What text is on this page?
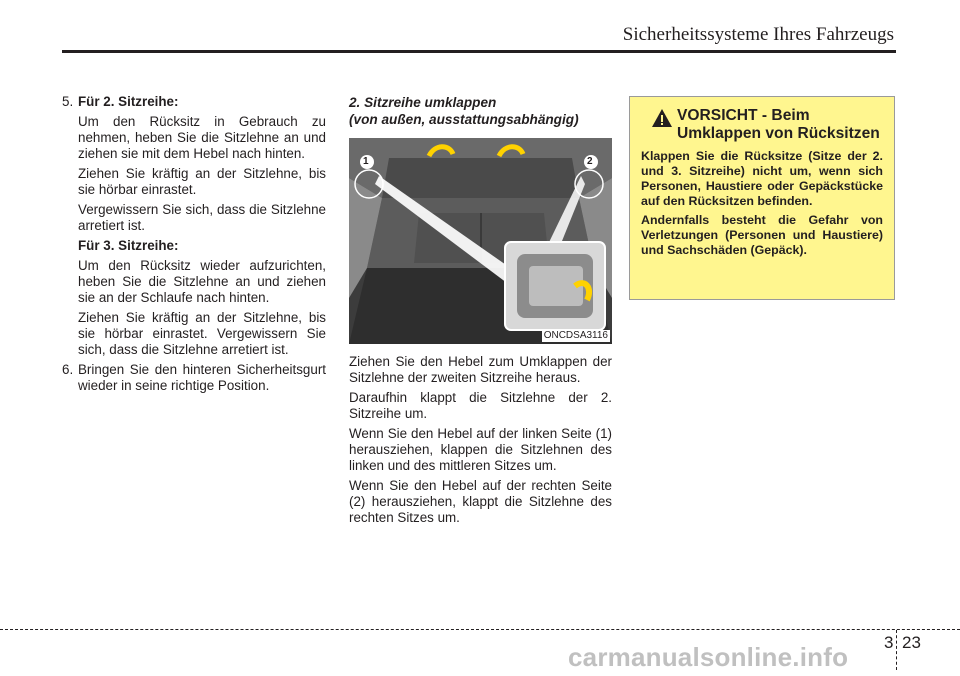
Sicherheitssysteme Ihres Fahrzeugs
5. Für 2. Sitzreihe:

Um den Rücksitz in Gebrauch zu nehmen, heben Sie die Sitzlehne an und ziehen sie mit dem Hebel nach hinten.

Ziehen Sie kräftig an der Sitzlehne, bis sie hörbar einrastet.

Vergewissern Sie sich, dass die Sitzlehne arretiert ist.

Für 3. Sitzreihe:

Um den Rücksitz wieder aufzurichten, heben Sie die Sitzlehne an und ziehen sie an der Schlaufe nach hinten.

Ziehen Sie kräftig an der Sitzlehne, bis sie hörbar einrastet. Vergewissern Sie sich, dass die Sitzlehne arretiert ist.

6. Bringen Sie den hinteren Sicherheitsgurt wieder in seine richtige Position.

2. Sitzreihe umklappen
(von außen, ausstattungsabhängig)
1	2
ONCDSA3116

Ziehen Sie den Hebel zum Umklappen der Sitzlehne der zweiten Sitzreihe heraus.

Daraufhin klappt die Sitzlehne der 2. Sitzreihe um.

Wenn Sie den Hebel auf der linken Seite (1) herausziehen, klappen die Sitzlehnen des linken und des mittleren Sitzes um.

Wenn Sie den Hebel auf der rechten Seite (2) herausziehen, klappt die Sitzlehne des rechten Sitzes um.

VORSICHT - Beim
Umklappen von Rücksitzen

Klappen Sie die Rücksitze (Sitze der 2. und 3. Sitzreihe) nicht um, wenn sich Personen, Haustiere oder Gepäckstücke auf den Rücksitzen befinden.

Andernfalls besteht die Gefahr von Verletzungen (Personen und Haustiere) und Sachschäden (Gepäck).

3 23
carmanualsonline.info
